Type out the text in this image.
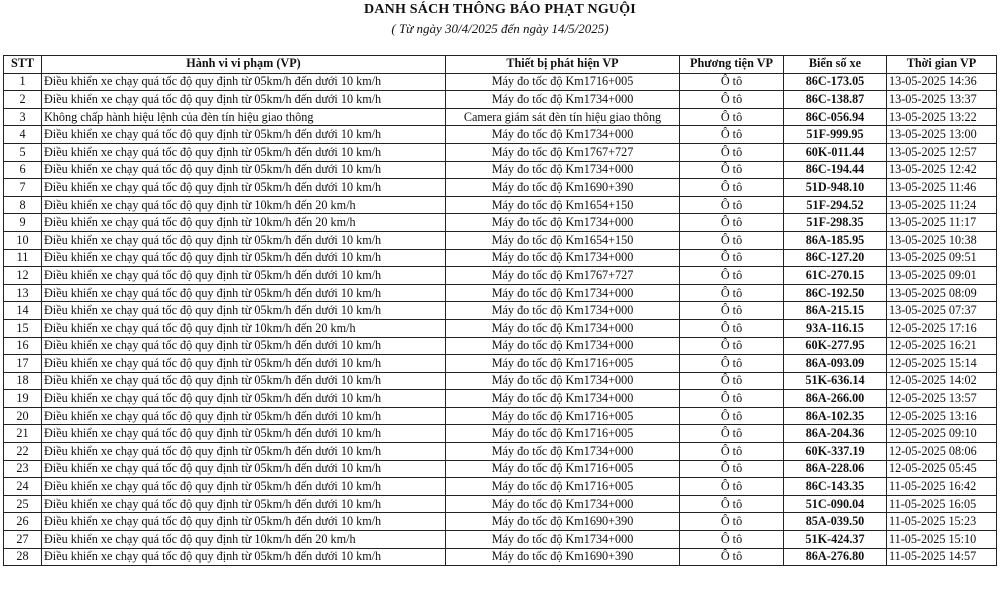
DANH SÁCH THÔNG BÁO PHẠT NGUỘI
( Từ ngày 30/4/2025 đến ngày 14/5/2025)
STT	Hành vi vi phạm (VP)	Thiết bị phát hiện VP	Phương tiện VP	Biển số xe	Thời gian VP
1	Điều khiển xe chạy quá tốc độ quy định từ 05km/h đến dưới 10 km/h	Máy đo tốc độ Km1716+005	Ô tô	86C-173.05	13-05-2025 14:36
2	Điều khiển xe chạy quá tốc độ quy định từ 05km/h đến dưới 10 km/h	Máy đo tốc độ Km1734+000	Ô tô	86C-138.87	13-05-2025 13:37
3	Không chấp hành hiệu lệnh của đèn tín hiệu giao thông	Camera giám sát đèn tín hiệu giao thông	Ô tô	86C-056.94	13-05-2025 13:22
4	Điều khiển xe chạy quá tốc độ quy định từ 05km/h đến dưới 10 km/h	Máy đo tốc độ Km1734+000	Ô tô	51F-999.95	13-05-2025 13:00
5	Điều khiển xe chạy quá tốc độ quy định từ 05km/h đến dưới 10 km/h	Máy đo tốc độ Km1767+727	Ô tô	60K-011.44	13-05-2025 12:57
6	Điều khiển xe chạy quá tốc độ quy định từ 05km/h đến dưới 10 km/h	Máy đo tốc độ Km1734+000	Ô tô	86C-194.44	13-05-2025 12:42
7	Điều khiển xe chạy quá tốc độ quy định từ 05km/h đến dưới 10 km/h	Máy đo tốc độ Km1690+390	Ô tô	51D-948.10	13-05-2025 11:46
8	Điều khiển xe chạy quá tốc độ quy định từ 10km/h đến 20 km/h	Máy đo tốc độ Km1654+150	Ô tô	51F-294.52	13-05-2025 11:24
9	Điều khiển xe chạy quá tốc độ quy định từ 10km/h đến 20 km/h	Máy đo tốc độ Km1734+000	Ô tô	51F-298.35	13-05-2025 11:17
10	Điều khiển xe chạy quá tốc độ quy định từ 05km/h đến dưới 10 km/h	Máy đo tốc độ Km1654+150	Ô tô	86A-185.95	13-05-2025 10:38
11	Điều khiển xe chạy quá tốc độ quy định từ 05km/h đến dưới 10 km/h	Máy đo tốc độ Km1734+000	Ô tô	86C-127.20	13-05-2025 09:51
12	Điều khiển xe chạy quá tốc độ quy định từ 05km/h đến dưới 10 km/h	Máy đo tốc độ Km1767+727	Ô tô	61C-270.15	13-05-2025 09:01
13	Điều khiển xe chạy quá tốc độ quy định từ 05km/h đến dưới 10 km/h	Máy đo tốc độ Km1734+000	Ô tô	86C-192.50	13-05-2025 08:09
14	Điều khiển xe chạy quá tốc độ quy định từ 05km/h đến dưới 10 km/h	Máy đo tốc độ Km1734+000	Ô tô	86A-215.15	13-05-2025 07:37
15	Điều khiển xe chạy quá tốc độ quy định từ 10km/h đến 20 km/h	Máy đo tốc độ Km1734+000	Ô tô	93A-116.15	12-05-2025 17:16
16	Điều khiển xe chạy quá tốc độ quy định từ 05km/h đến dưới 10 km/h	Máy đo tốc độ Km1734+000	Ô tô	60K-277.95	12-05-2025 16:21
17	Điều khiển xe chạy quá tốc độ quy định từ 05km/h đến dưới 10 km/h	Máy đo tốc độ Km1716+005	Ô tô	86A-093.09	12-05-2025 15:14
18	Điều khiển xe chạy quá tốc độ quy định từ 05km/h đến dưới 10 km/h	Máy đo tốc độ Km1734+000	Ô tô	51K-636.14	12-05-2025 14:02
19	Điều khiển xe chạy quá tốc độ quy định từ 05km/h đến dưới 10 km/h	Máy đo tốc độ Km1734+000	Ô tô	86A-266.00	12-05-2025 13:57
20	Điều khiển xe chạy quá tốc độ quy định từ 05km/h đến dưới 10 km/h	Máy đo tốc độ Km1716+005	Ô tô	86A-102.35	12-05-2025 13:16
21	Điều khiển xe chạy quá tốc độ quy định từ 05km/h đến dưới 10 km/h	Máy đo tốc độ Km1716+005	Ô tô	86A-204.36	12-05-2025 09:10
22	Điều khiển xe chạy quá tốc độ quy định từ 05km/h đến dưới 10 km/h	Máy đo tốc độ Km1734+000	Ô tô	60K-337.19	12-05-2025 08:06
23	Điều khiển xe chạy quá tốc độ quy định từ 05km/h đến dưới 10 km/h	Máy đo tốc độ Km1716+005	Ô tô	86A-228.06	12-05-2025 05:45
24	Điều khiển xe chạy quá tốc độ quy định từ 05km/h đến dưới 10 km/h	Máy đo tốc độ Km1716+005	Ô tô	86C-143.35	11-05-2025 16:42
25	Điều khiển xe chạy quá tốc độ quy định từ 05km/h đến dưới 10 km/h	Máy đo tốc độ Km1734+000	Ô tô	51C-090.04	11-05-2025 16:05
26	Điều khiển xe chạy quá tốc độ quy định từ 05km/h đến dưới 10 km/h	Máy đo tốc độ Km1690+390	Ô tô	85A-039.50	11-05-2025 15:23
27	Điều khiển xe chạy quá tốc độ quy định từ 10km/h đến 20 km/h	Máy đo tốc độ Km1734+000	Ô tô	51K-424.37	11-05-2025 15:10
28	Điều khiển xe chạy quá tốc độ quy định từ 05km/h đến dưới 10 km/h	Máy đo tốc độ Km1690+390	Ô tô	86A-276.80	11-05-2025 14:57
